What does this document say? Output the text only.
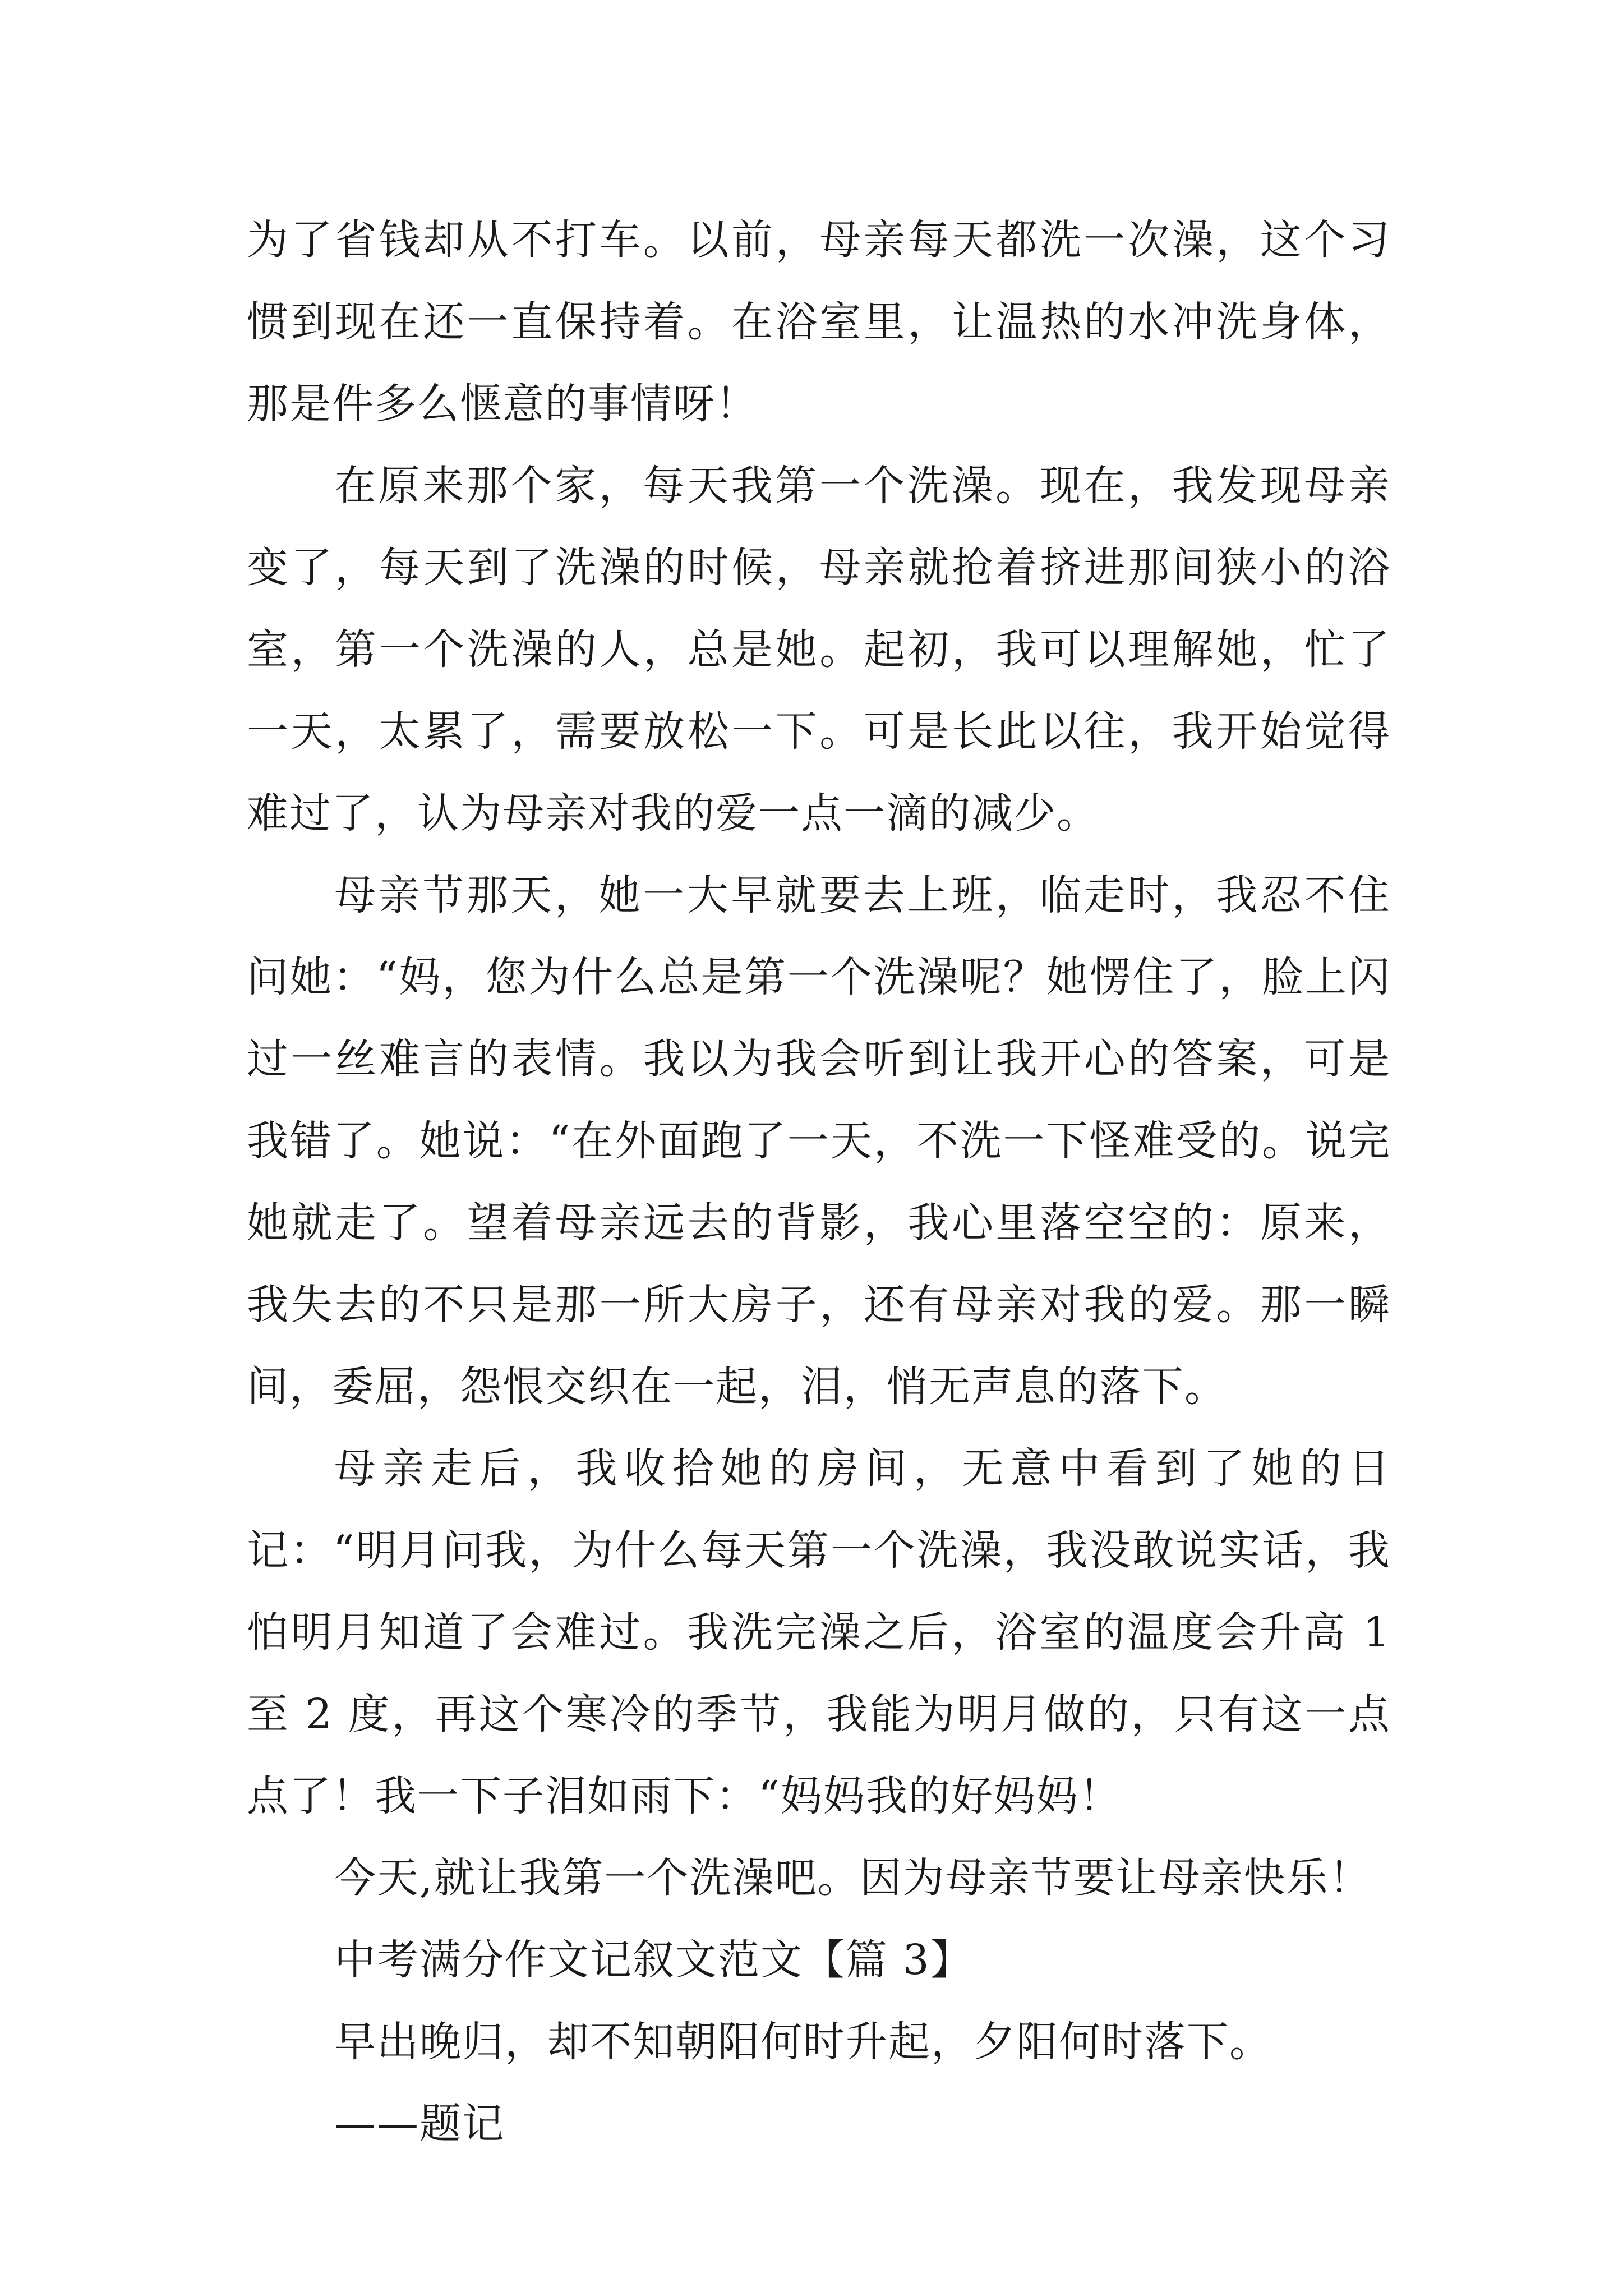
为了省钱却从不打车。以前，母亲每天都洗一次澡，这个习惯到现在还一直保持着。在浴室里，让温热的水冲洗身体，那是件多么惬意的事情呀！

在原来那个家，每天我第一个洗澡。现在，我发现母亲变了，每天到了洗澡的时候，母亲就抢着挤进那间狭小的浴室，第一个洗澡的人，总是她。起初，我可以理解她，忙了一天，太累了，需要放松一下。可是长此以往，我开始觉得难过了，认为母亲对我的爱一点一滴的减少。

母亲节那天，她一大早就要去上班，临走时，我忍不住问她：“妈，您为什么总是第一个洗澡呢？她愣住了，脸上闪过一丝难言的表情。我以为我会听到让我开心的答案，可是我错了。她说：“在外面跑了一天，不洗一下怪难受的。说完她就走了。望着母亲远去的背影，我心里落空空的：原来，我失去的不只是那一所大房子，还有母亲对我的爱。那一瞬间，委屈，怨恨交织在一起，泪，悄无声息的落下。

母亲走后，我收拾她的房间，无意中看到了她的日记：“明月问我，为什么每天第一个洗澡，我没敢说实话，我怕明月知道了会难过。我洗完澡之后，浴室的温度会升高 1 至 2 度，再这个寒冷的季节，我能为明月做的，只有这一点点了！我一下子泪如雨下：“妈妈我的好妈妈！

今天,就让我第一个洗澡吧。因为母亲节要让母亲快乐！

中考满分作文记叙文范文【篇 3】

早出晚归，却不知朝阳何时升起，夕阳何时落下。

——题记
